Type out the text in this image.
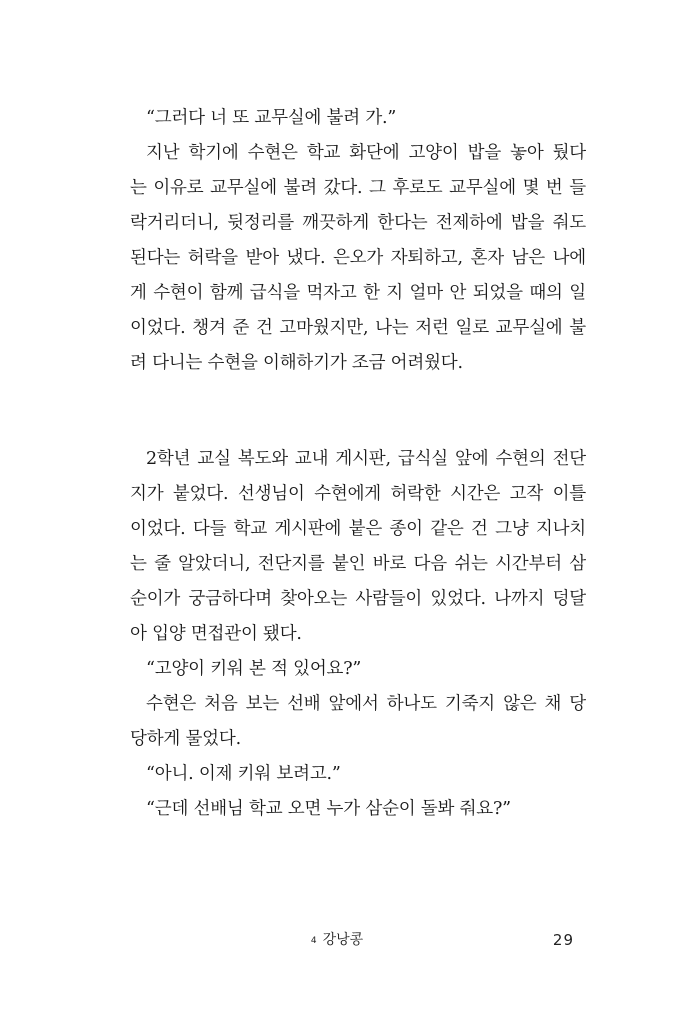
“그러다 너 또 교무실에 불려 가.”
지난 학기에 수현은 학교 화단에 고양이 밥을 놓아 뒀다
는 이유로 교무실에 불려 갔다. 그 후로도 교무실에 몇 번 들
락거리더니, 뒷정리를 깨끗하게 한다는 전제하에 밥을 줘도
된다는 허락을 받아 냈다. 은오가 자퇴하고, 혼자 남은 나에
게 수현이 함께 급식을 먹자고 한 지 얼마 안 되었을 때의 일
이었다. 챙겨 준 건 고마웠지만, 나는 저런 일로 교무실에 불
려 다니는 수현을 이해하기가 조금 어려웠다.
2학년 교실 복도와 교내 게시판, 급식실 앞에 수현의 전단
지가 붙었다. 선생님이 수현에게 허락한 시간은 고작 이틀
이었다. 다들 학교 게시판에 붙은 종이 같은 건 그냥 지나치
는 줄 알았더니, 전단지를 붙인 바로 다음 쉬는 시간부터 삼
순이가 궁금하다며 찾아오는 사람들이 있었다. 나까지 덩달
아 입양 면접관이 됐다.
“고양이 키워 본 적 있어요?”
수현은 처음 보는 선배 앞에서 하나도 기죽지 않은 채 당
당하게 물었다.
“아니. 이제 키워 보려고.”
“근데 선배님 학교 오면 누가 삼순이 돌봐 줘요?”
4 강낭콩	29
